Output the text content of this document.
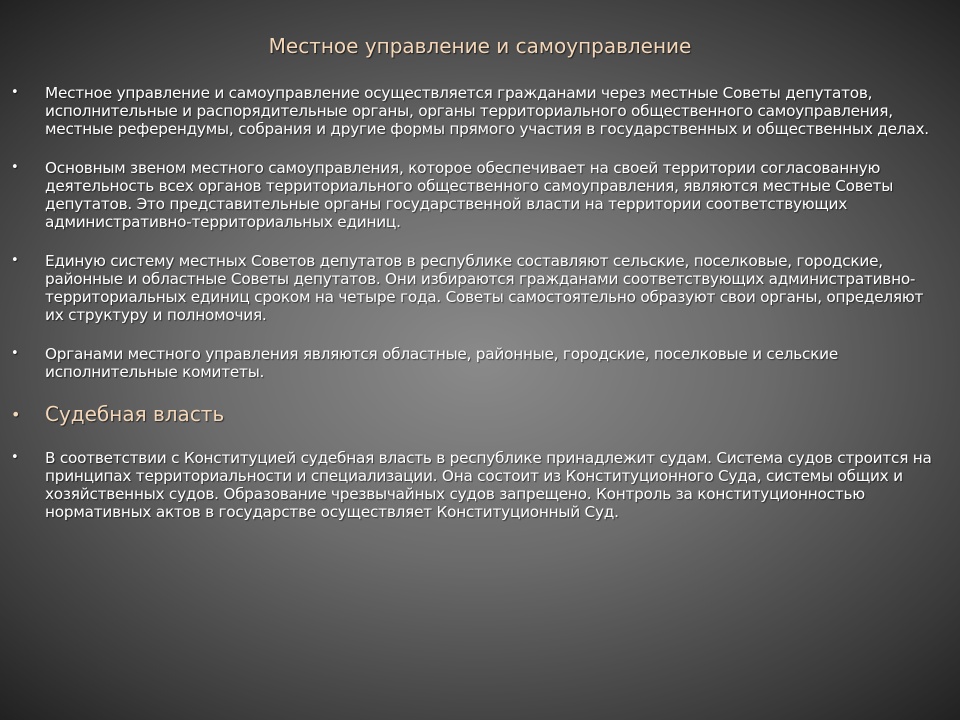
Местное управление и самоуправление
• Местное управление и самоуправление осуществляется гражданами через местные Советы депутатов, исполнительные и распорядительные органы, органы территориального общественного самоуправления, местные референдумы, собрания и другие формы прямого участия в государственных и общественных делах.
• Основным звеном местного самоуправления, которое обеспечивает на своей территории согласованную деятельность всех органов территориального общественного самоуправления, являются местные Советы депутатов. Это представительные органы государственной власти на территории соответствующих административно-территориальных единиц.
• Единую систему местных Советов депутатов в республике составляют сельские, поселковые, городские, районные и областные Советы депутатов. Они избираются гражданами соответствующих административно-территориальных единиц сроком на четыре года. Советы самостоятельно образуют свои органы, определяют их структуру и полномочия.
• Органами местного управления являются областные, районные, городские, поселковые и сельские исполнительные комитеты.
• Судебная власть
• В соответствии с Конституцией судебная власть в республике принадлежит судам. Система судов строится на принципах территориальности и специализации. Она состоит из Конституционного Суда, системы общих и хозяйственных судов. Образование чрезвычайных судов запрещено. Контроль за конституционностью нормативных актов в государстве осуществляет Конституционный Суд.
